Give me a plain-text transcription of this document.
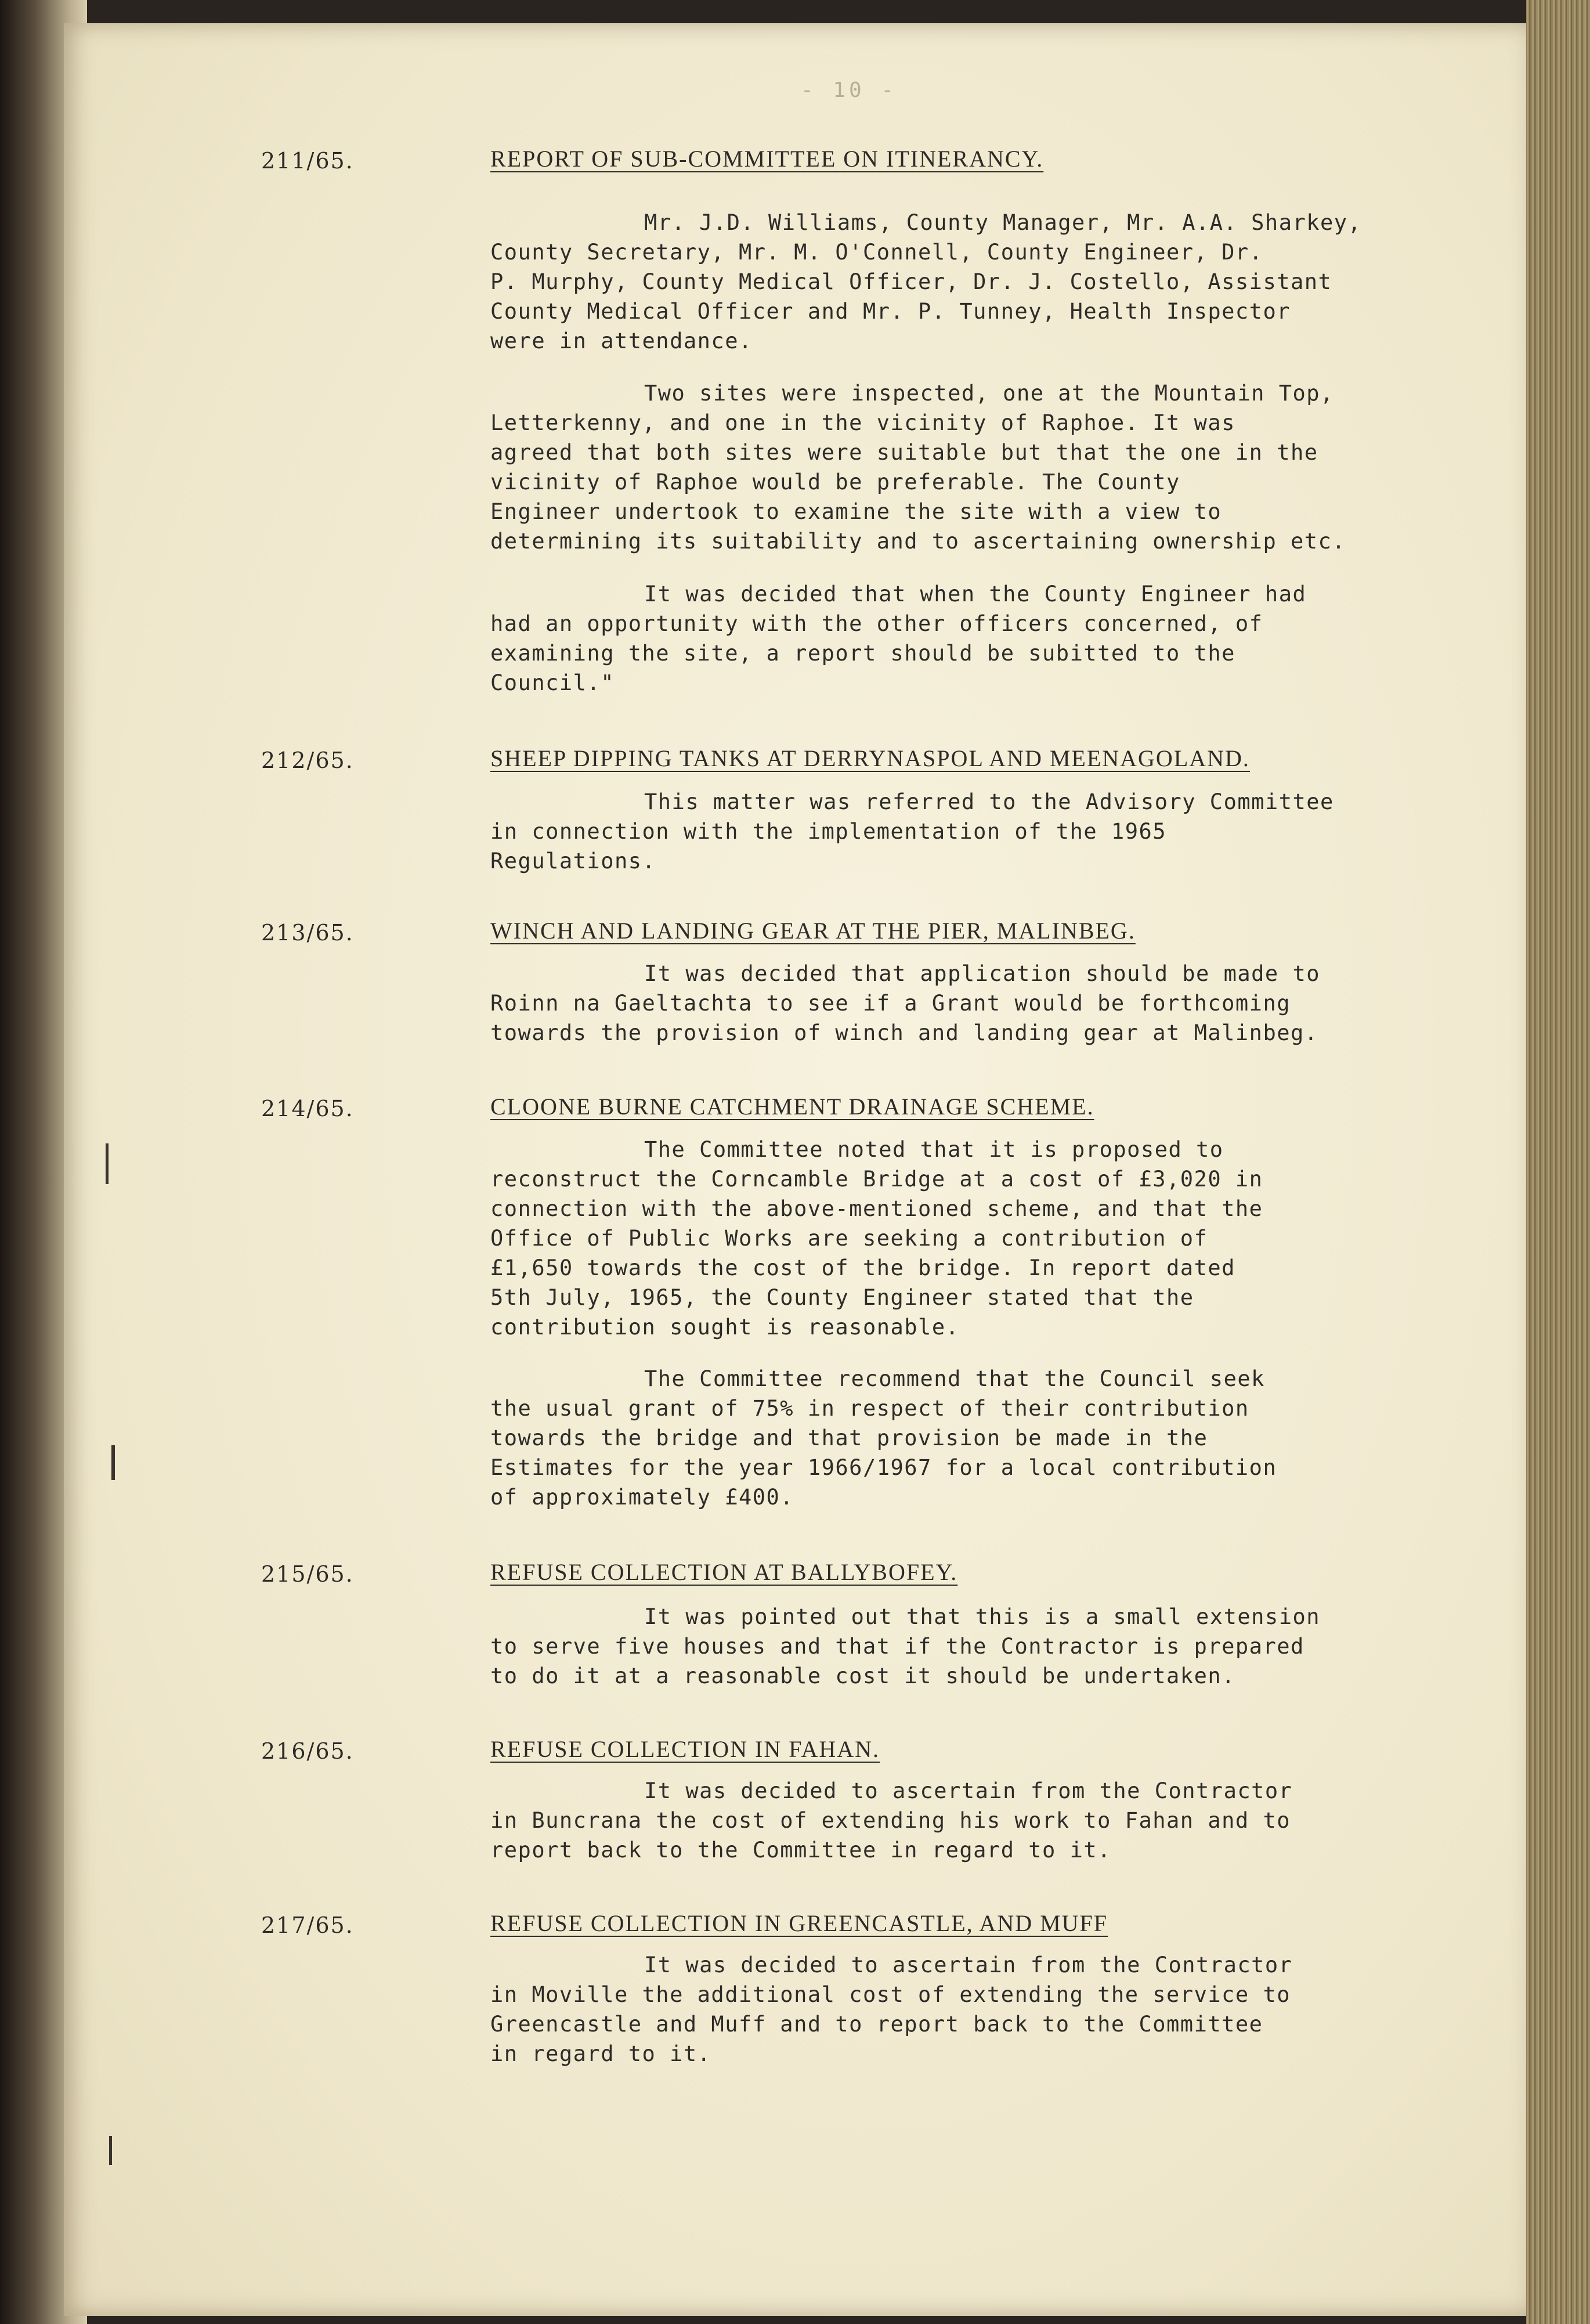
- 10 -
211/65.	REPORT OF SUB-COMMITTEE ON ITINERANCY.
Mr. J.D. Williams, County Manager, Mr. A.A. Sharkey,
County Secretary, Mr. M. O'Connell, County Engineer, Dr.
P. Murphy, County Medical Officer, Dr. J. Costello, Assistant
County Medical Officer and Mr. P. Tunney, Health Inspector
were in attendance.
Two sites were inspected, one at the Mountain Top,
Letterkenny, and one in the vicinity of Raphoe. It was
agreed that both sites were suitable but that the one in the
vicinity of Raphoe would be preferable. The County
Engineer undertook to examine the site with a view to
determining its suitability and to ascertaining ownership etc.
It was decided that when the County Engineer had
had an opportunity with the other officers concerned, of
examining the site, a report should be subitted to the
Council."
212/65.	SHEEP DIPPING TANKS AT DERRYNASPOL AND MEENAGOLAND.
This matter was referred to the Advisory Committee
in connection with the implementation of the 1965
Regulations.
213/65.	WINCH AND LANDING GEAR AT THE PIER, MALINBEG.
It was decided that application should be made to
Roinn na Gaeltachta to see if a Grant would be forthcoming
towards the provision of winch and landing gear at Malinbeg.
214/65.	CLOONE BURNE CATCHMENT DRAINAGE SCHEME.
The Committee noted that it is proposed to
reconstruct the Corncamble Bridge at a cost of £3,020 in
connection with the above-mentioned scheme, and that the
Office of Public Works are seeking a contribution of
£1,650 towards the cost of the bridge. In report dated
5th July, 1965, the County Engineer stated that the
contribution sought is reasonable.
The Committee recommend that the Council seek
the usual grant of 75% in respect of their contribution
towards the bridge and that provision be made in the
Estimates for the year 1966/1967 for a local contribution
of approximately £400.
215/65.	REFUSE COLLECTION AT BALLYBOFEY.
It was pointed out that this is a small extension
to serve five houses and that if the Contractor is prepared
to do it at a reasonable cost it should be undertaken.
216/65.	REFUSE COLLECTION IN FAHAN.
It was decided to ascertain from the Contractor
in Buncrana the cost of extending his work to Fahan and to
report back to the Committee in regard to it.
217/65.	REFUSE COLLECTION IN GREENCASTLE, AND MUFF
It was decided to ascertain from the Contractor
in Moville the additional cost of extending the service to
Greencastle and Muff and to report back to the Committee
in regard to it.
